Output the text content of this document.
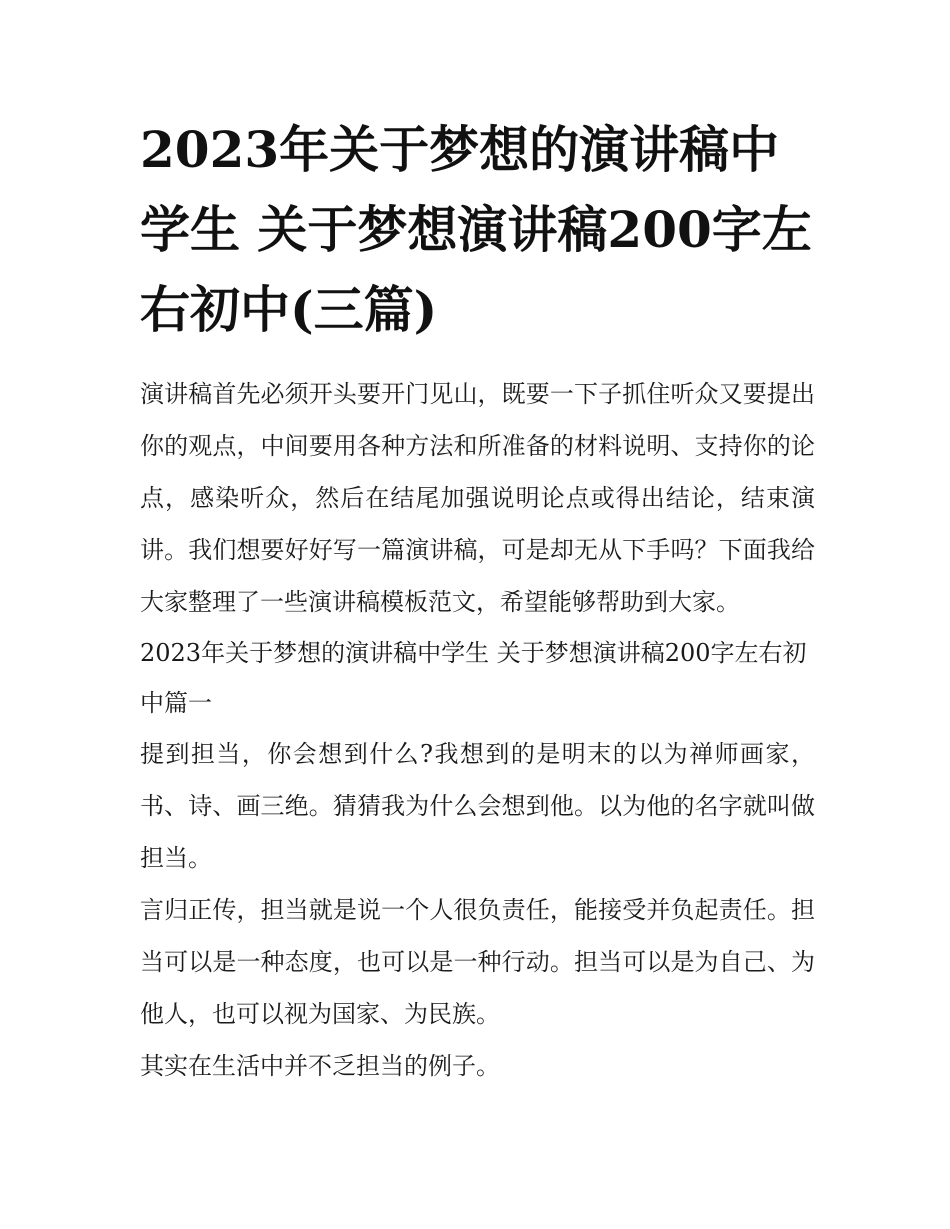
2023年关于梦想的演讲稿中学生 关于梦想演讲稿200字左右初中(三篇)

演讲稿首先必须开头要开门见山，既要一下子抓住听众又要提出你的观点，中间要用各种方法和所准备的材料说明、支持你的论点，感染听众，然后在结尾加强说明论点或得出结论，结束演讲。我们想要好好写一篇演讲稿，可是却无从下手吗？下面我给大家整理了一些演讲稿模板范文，希望能够帮助到大家。

2023年关于梦想的演讲稿中学生 关于梦想演讲稿200字左右初中篇一

提到担当，你会想到什么?我想到的是明末的以为禅师画家，书、诗、画三绝。猜猜我为什么会想到他。以为他的名字就叫做担当。

言归正传，担当就是说一个人很负责任，能接受并负起责任。担当可以是一种态度，也可以是一种行动。担当可以是为自己、为他人，也可以视为国家、为民族。

其实在生活中并不乏担当的例子。
